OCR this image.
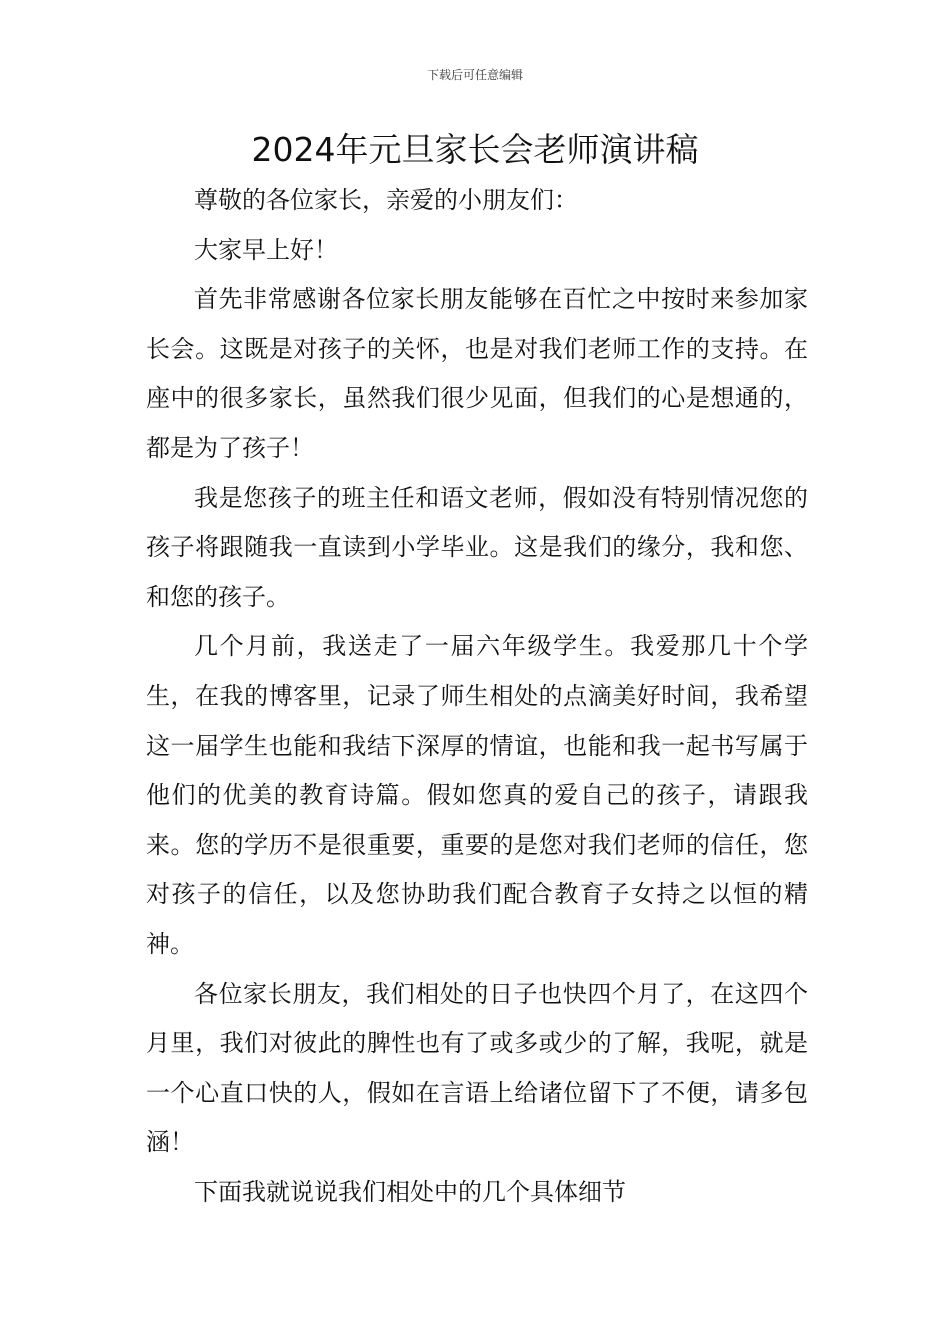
下载后可任意编辑
2024年元旦家长会老师演讲稿

尊敬的各位家长，亲爱的小朋友们：

大家早上好！

首先非常感谢各位家长朋友能够在百忙之中按时来参加家长会。这既是对孩子的关怀，也是对我们老师工作的支持。在座中的很多家长，虽然我们很少见面，但我们的心是想通的，都是为了孩子！

我是您孩子的班主任和语文老师，假如没有特别情况您的孩子将跟随我一直读到小学毕业。这是我们的缘分，我和您、和您的孩子。

几个月前，我送走了一届六年级学生。我爱那几十个学生，在我的博客里，记录了师生相处的点滴美好时间，我希望这一届学生也能和我结下深厚的情谊，也能和我一起书写属于他们的优美的教育诗篇。假如您真的爱自己的孩子，请跟我来。您的学历不是很重要，重要的是您对我们老师的信任，您对孩子的信任，以及您协助我们配合教育子女持之以恒的精神。

各位家长朋友，我们相处的日子也快四个月了，在这四个月里，我们对彼此的脾性也有了或多或少的了解，我呢，就是一个心直口快的人，假如在言语上给诸位留下了不便，请多包涵！

下面我就说说我们相处中的几个具体细节
